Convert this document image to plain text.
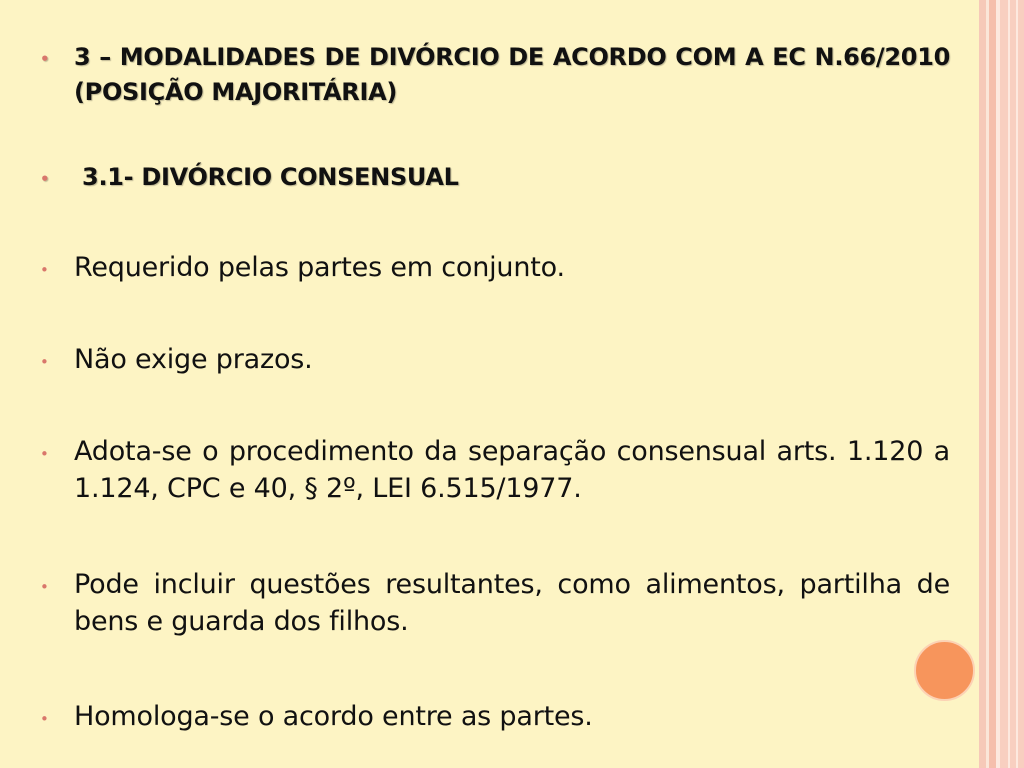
•	3 – MODALIDADES DE DIVÓRCIO DE ACORDO COM A EC N.66/2010 (POSIÇÃO MAJORITÁRIA)
•	3.1- DIVÓRCIO CONSENSUAL
• Requerido pelas partes em conjunto.
• Não exige prazos.
• Adota-se o procedimento da separação consensual arts. 1.120 a 1.124, CPC e 40, § 2º, LEI 6.515/1977.
• Pode incluir questões resultantes, como alimentos, partilha de bens e guarda dos filhos.
• Homologa-se o acordo entre as partes.
